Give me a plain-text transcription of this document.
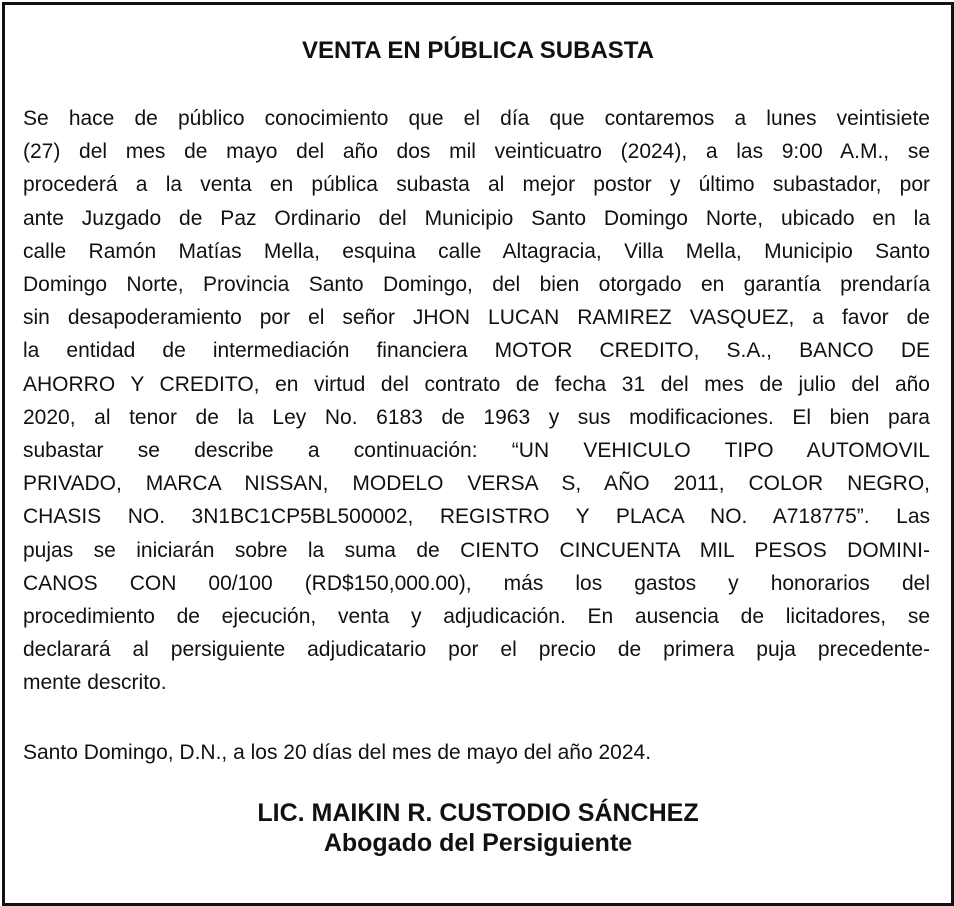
VENTA EN PÚBLICA SUBASTA
Se hace de público conocimiento que el día que contaremos a lunes veintisiete
(27) del mes de mayo del año dos mil veinticuatro (2024), a las 9:00 A.M., se
procederá a la venta en pública subasta al mejor postor y último subastador, por
ante Juzgado de Paz Ordinario del Municipio Santo Domingo Norte, ubicado en la
calle Ramón Matías Mella, esquina calle Altagracia, Villa Mella, Municipio Santo
Domingo Norte, Provincia Santo Domingo, del bien otorgado en garantía prendaría
sin desapoderamiento por el señor JHON LUCAN RAMIREZ VASQUEZ, a favor de
la entidad de intermediación financiera MOTOR CREDITO, S.A., BANCO DE
AHORRO Y CREDITO, en virtud del contrato de fecha 31 del mes de julio del año
2020, al tenor de la Ley No. 6183 de 1963 y sus modificaciones. El bien para
subastar se describe a continuación: “UN VEHICULO TIPO AUTOMOVIL
PRIVADO, MARCA NISSAN, MODELO VERSA S, AÑO 2011, COLOR NEGRO,
CHASIS NO. 3N1BC1CP5BL500002, REGISTRO Y PLACA NO. A718775”. Las
pujas se iniciarán sobre la suma de CIENTO CINCUENTA MIL PESOS DOMINI-
CANOS CON 00/100 (RD$150,000.00), más los gastos y honorarios del
procedimiento de ejecución, venta y adjudicación. En ausencia de licitadores, se
declarará al persiguiente adjudicatario por el precio de primera puja precedente-
mente descrito.

Santo Domingo, D.N., a los 20 días del mes de mayo del año 2024.

LIC. MAIKIN R. CUSTODIO SÁNCHEZ
Abogado del Persiguiente
